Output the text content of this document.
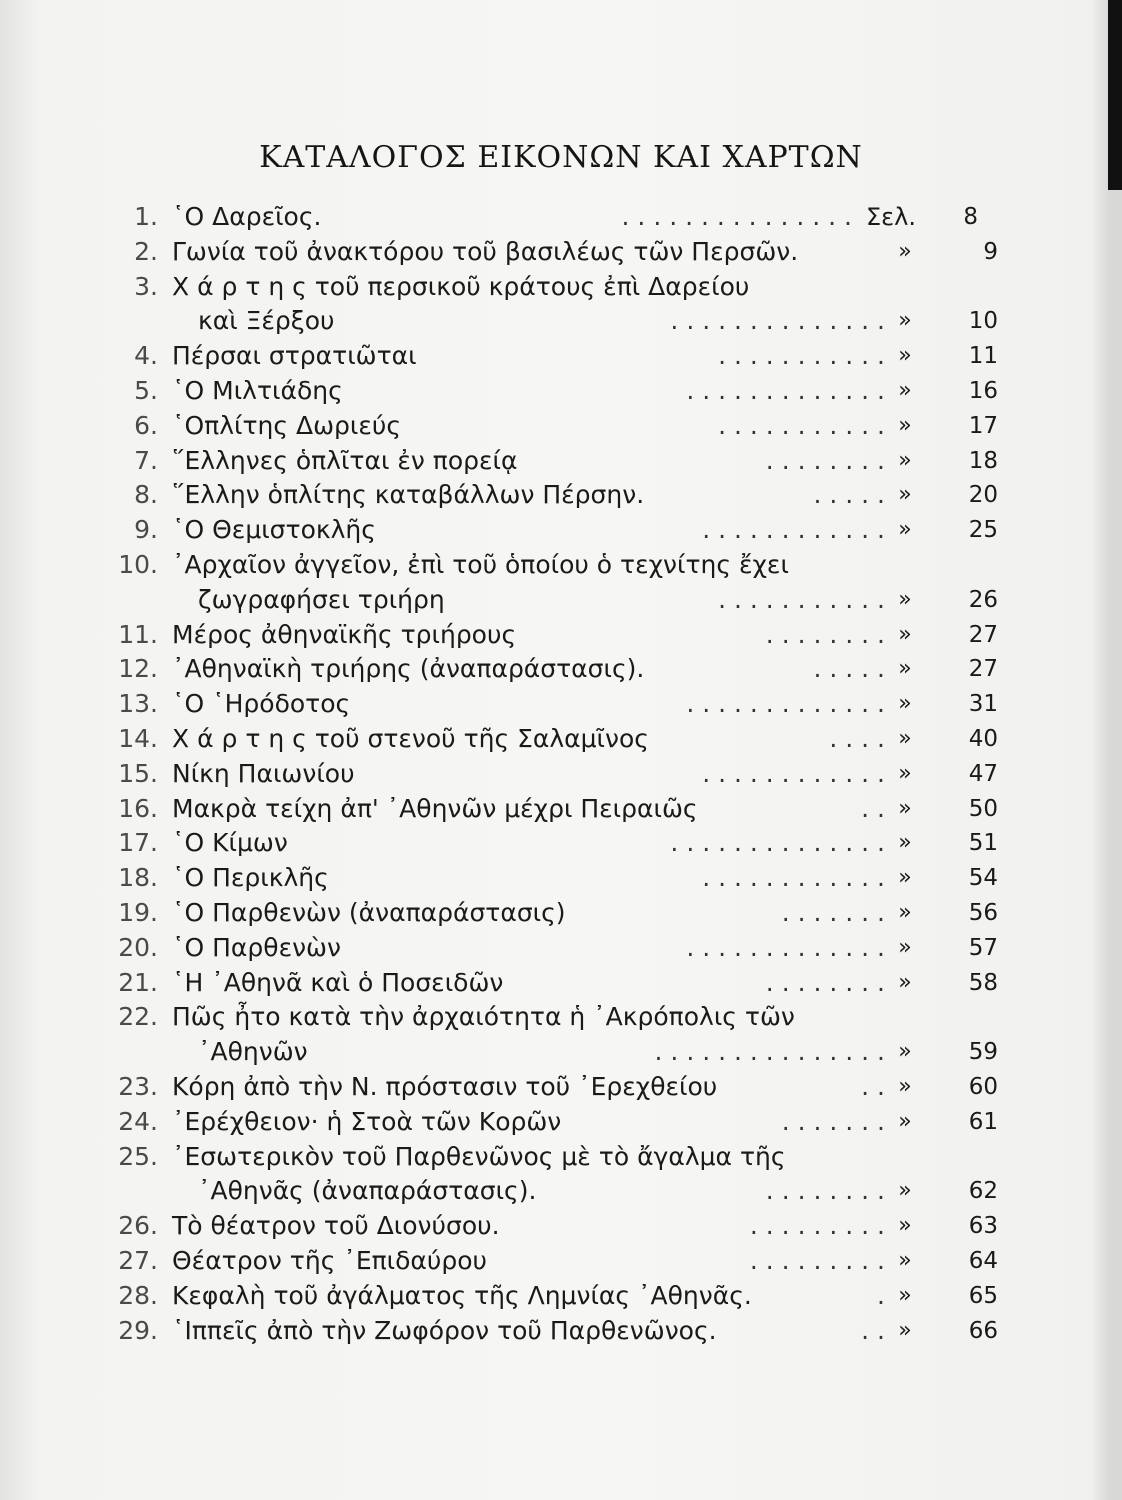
ΚΑΤΑΛΟΓΟΣ ΕΙΚΟΝΩΝ ΚΑΙ ΧΑΡΤΩΝ
1. ῾Ο Δαρεῖος.	. . . . . . . . . . . . . . . Σελ.	8
2. Γωνία τοῦ ἀνακτόρου τοῦ βασιλέως τῶν Περσῶν.	»	9
3. Χ ά ρ τ η ς τοῦ περσικοῦ κράτους ἐπὶ Δαρείου
καὶ Ξέρξου	. . . . . . . . . . . . . . »	10
4. Πέρσαι στρατιῶται	. . . . . . . . . . . »	11
5. ῾Ο Μιλτιάδης	. . . . . . . . . . . . . »	16
6. ῾Οπλίτης Δωριεύς	. . . . . . . . . . . »	17
7. ῞Ελληνες ὁπλῖται ἐν πορείᾳ	. . . . . . . . »	18
8. ῞Ελλην ὁπλίτης καταβάλλων Πέρσην.	. . . . . »	20
9. ῾Ο Θεμιστοκλῆς	. . . . . . . . . . . . »	25
10. ᾿Αρχαῖον ἀγγεῖον, ἐπὶ τοῦ ὁποίου ὁ τεχνίτης ἔχει
ζωγραφήσει τριήρη	. . . . . . . . . . . »	26
11. Μέρος ἀθηναϊκῆς τριήρους	. . . . . . . . »	27
12. ᾿Αθηναϊκὴ τριήρης (ἀναπαράστασις).	. . . . . »	27
13. ῾Ο ῾Ηρόδοτος	. . . . . . . . . . . . . »	31
14. Χ ά ρ τ η ς τοῦ στενοῦ τῆς Σαλαμῖνος	. . . . »	40
15. Νίκη Παιωνίου	. . . . . . . . . . . . »	47
16. Μακρὰ τείχη ἀπ' ᾿Αθηνῶν μέχρι Πειραιῶς	. . »	50
17. ῾Ο Κίμων	. . . . . . . . . . . . . . »	51
18. ῾Ο Περικλῆς	. . . . . . . . . . . . »	54
19. ῾Ο Παρθενὼν (ἀναπαράστασις)	. . . . . . . »	56
20. ῾Ο Παρθενὼν	. . . . . . . . . . . . . »	57
21. ῾Η ᾿Αθηνᾶ καὶ ὁ Ποσειδῶν	. . . . . . . . »	58
22. Πῶς ἦτο κατὰ τὴν ἀρχαιότητα ἡ ᾿Ακρόπολις τῶν
᾿Αθηνῶν	. . . . . . . . . . . . . . . »	59
23. Κόρη ἀπὸ τὴν Ν. πρόστασιν τοῦ ᾿Ερεχθείου	. . »	60
24. ᾿Ερέχθειον· ἡ Στοὰ τῶν Κορῶν	. . . . . . . »	61
25. ᾿Εσωτερικὸν τοῦ Παρθενῶνος μὲ τὸ ἄγαλμα τῆς
᾿Αθηνᾶς (ἀναπαράστασις).	. . . . . . . . »	62
26. Τὸ θέατρον τοῦ Διονύσου.	. . . . . . . . . »	63
27. Θέατρον τῆς ᾿Επιδαύρου	. . . . . . . . . »	64
28. Κεφαλὴ τοῦ ἀγάλματος τῆς Λημνίας ᾿Αθηνᾶς.	. »	65
29. ῾Ιππεῖς ἀπὸ τὴν Ζωφόρον τοῦ Παρθενῶνος.	. . »	66
